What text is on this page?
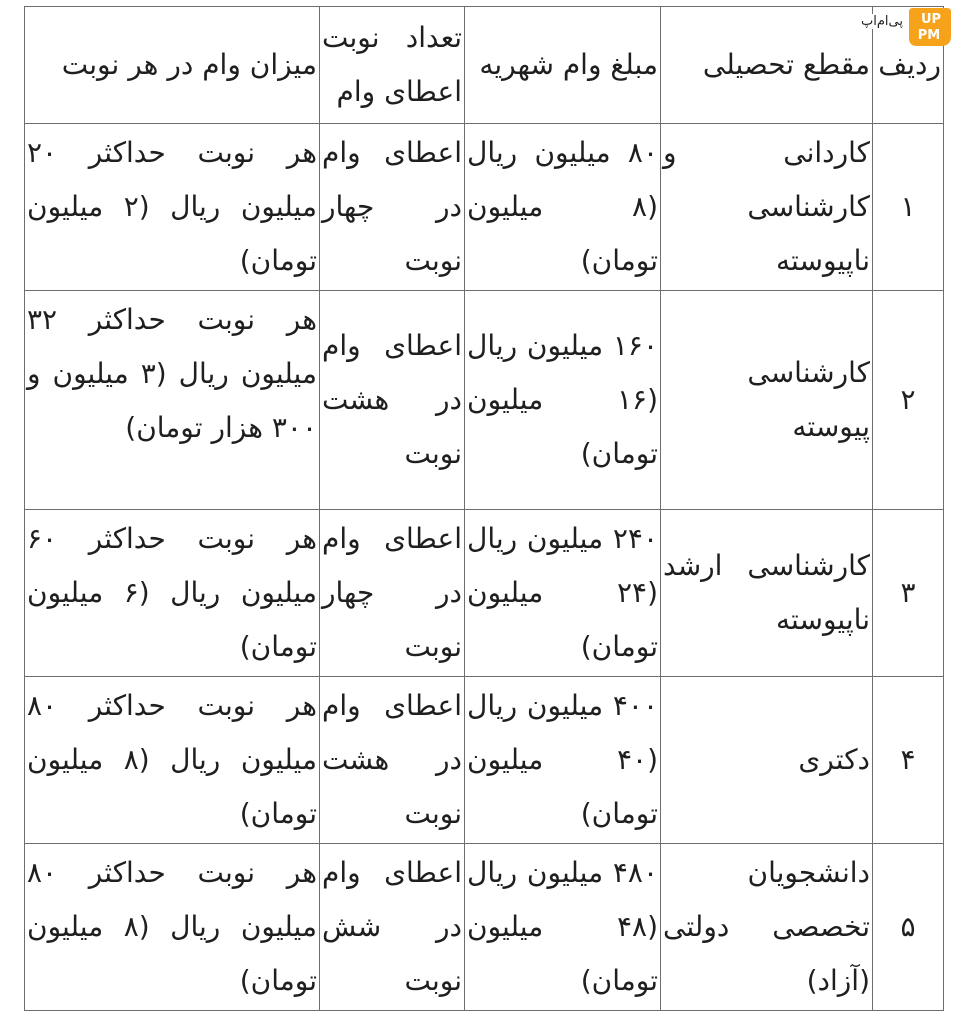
ردیف	مقطع تحصیلی	مبلغ وام شهریه	تعداد نوبت اعطای وام	میزان وام در هر نوبت
۱	کاردانی و کارشناسی ناپیوسته	۸۰ میلیون ریال (۸ میلیون تومان)	اعطای وام در چهار نوبت	هر نوبت حداکثر ۲۰ میلیون ریال (۲ میلیون تومان)
۲	کارشناسی پیوسته	۱۶۰ میلیون ریال (۱۶ میلیون تومان)	اعطای وام در هشت نوبت	هر نوبت حداکثر ۳۲ میلیون ریال (۳ میلیون و ۳۰۰ هزار تومان)
۳	کارشناسی ارشد ناپیوسته	۲۴۰ میلیون ریال (۲۴ میلیون تومان)	اعطای وام در چهار نوبت	هر نوبت حداکثر ۶۰ میلیون ریال (۶ میلیون تومان)
۴	دکتری	۴۰۰ میلیون ریال (۴۰ میلیون تومان)	اعطای وام در هشت نوبت	هر نوبت حداکثر ۸۰ میلیون ریال (۸ میلیون تومان)
۵	دانشجویان تخصصی دولتی (آزاد)	۴۸۰ میلیون ریال (۴۸ میلیون تومان)	اعطای وام در شش نوبت	هر نوبت حداکثر ۸۰ میلیون ریال (۸ میلیون تومان)
پی‌ام‌اپ UP
PM
